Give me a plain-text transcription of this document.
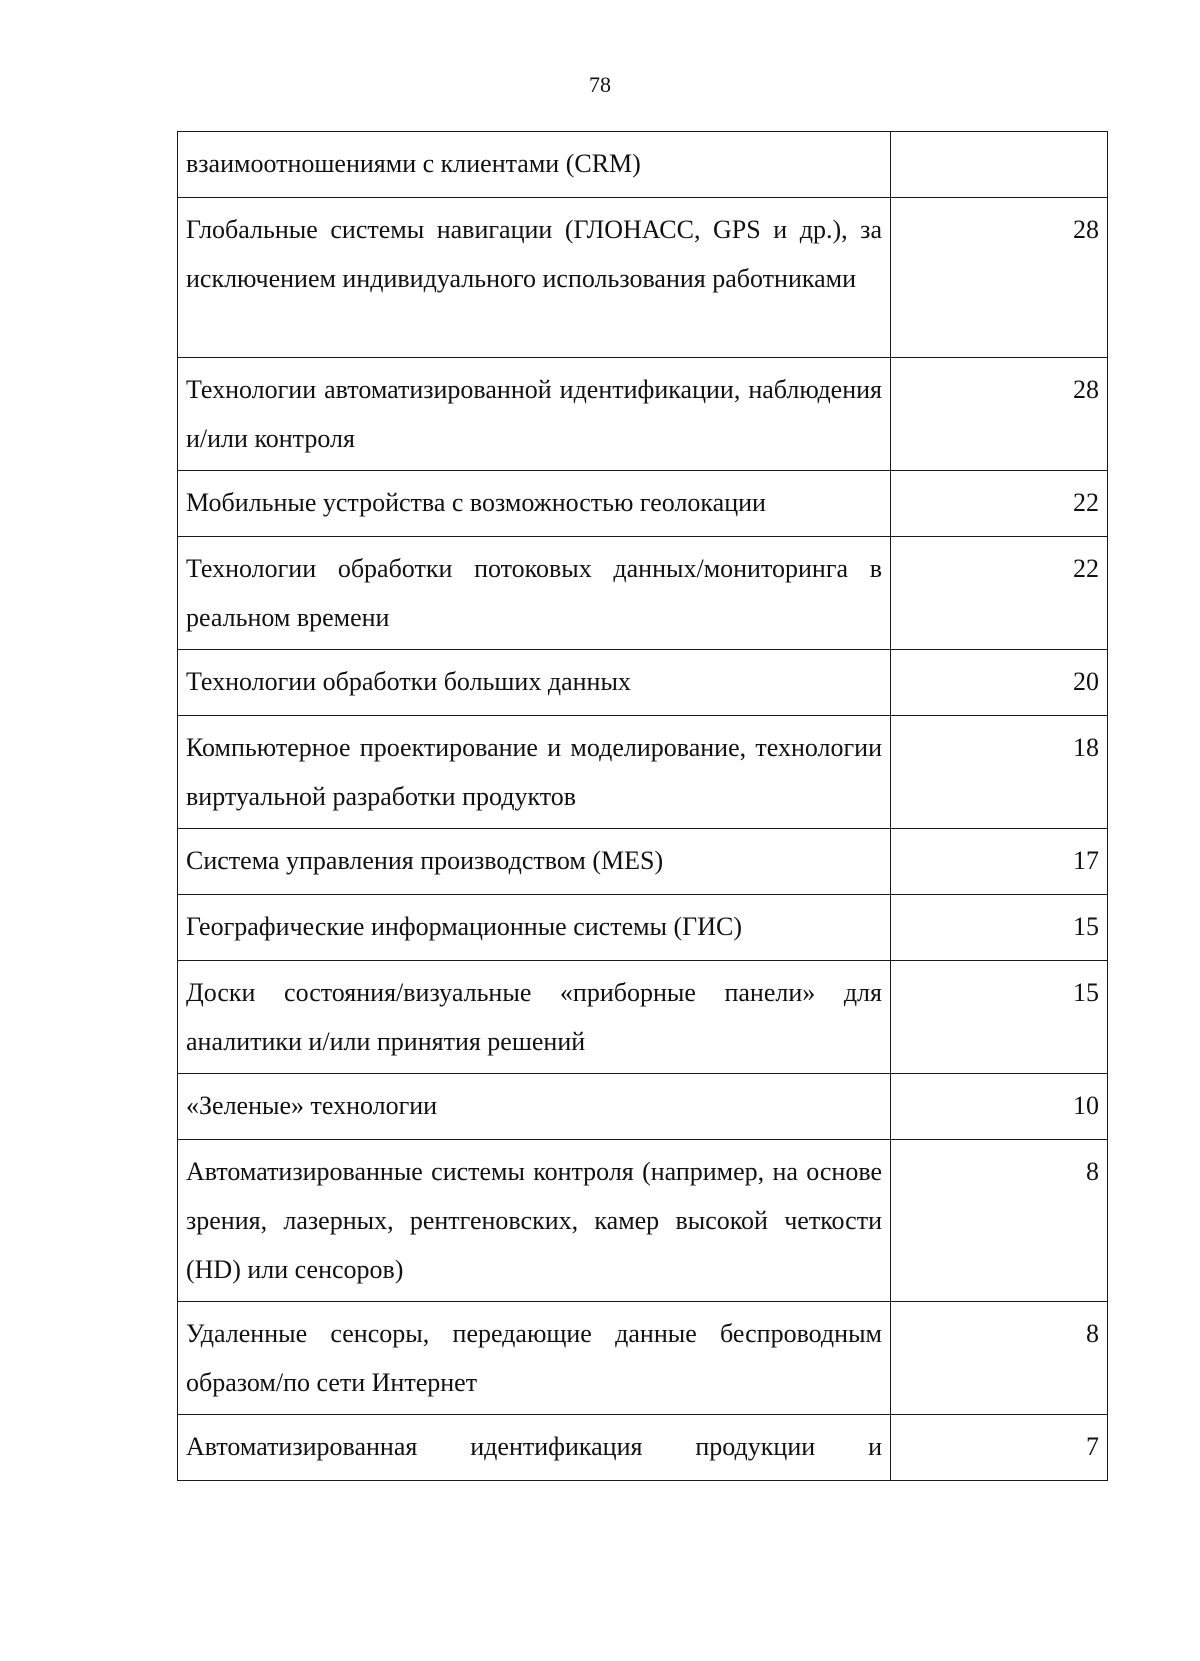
78
взаимоотношениями с клиентами (CRM)	
Глобальные системы навигации (ГЛОНАСС, GPS и др.), за исключением индивидуального использования работниками	28
Технологии автоматизированной идентификации, наблюдения и/или контроля	28
Мобильные устройства с возможностью геолокации	22
Технологии обработки потоковых данных/мониторинга в реальном времени	22
Технологии обработки больших данных	20
Компьютерное проектирование и моделирование, технологии виртуальной разработки продуктов	18
Система управления производством (MES)	17
Географические информационные системы (ГИС)	15
Доски состояния/визуальные «приборные панели» для аналитики и/или принятия решений	15
«Зеленые» технологии	10
Автоматизированные системы контроля (например, на основе зрения, лазерных, рентгеновских, камер высокой четкости (HD) или сенсоров)	8
Удаленные сенсоры, передающие данные беспроводным образом/по сети Интернет	8
Автоматизированная идентификация продукции и	7
